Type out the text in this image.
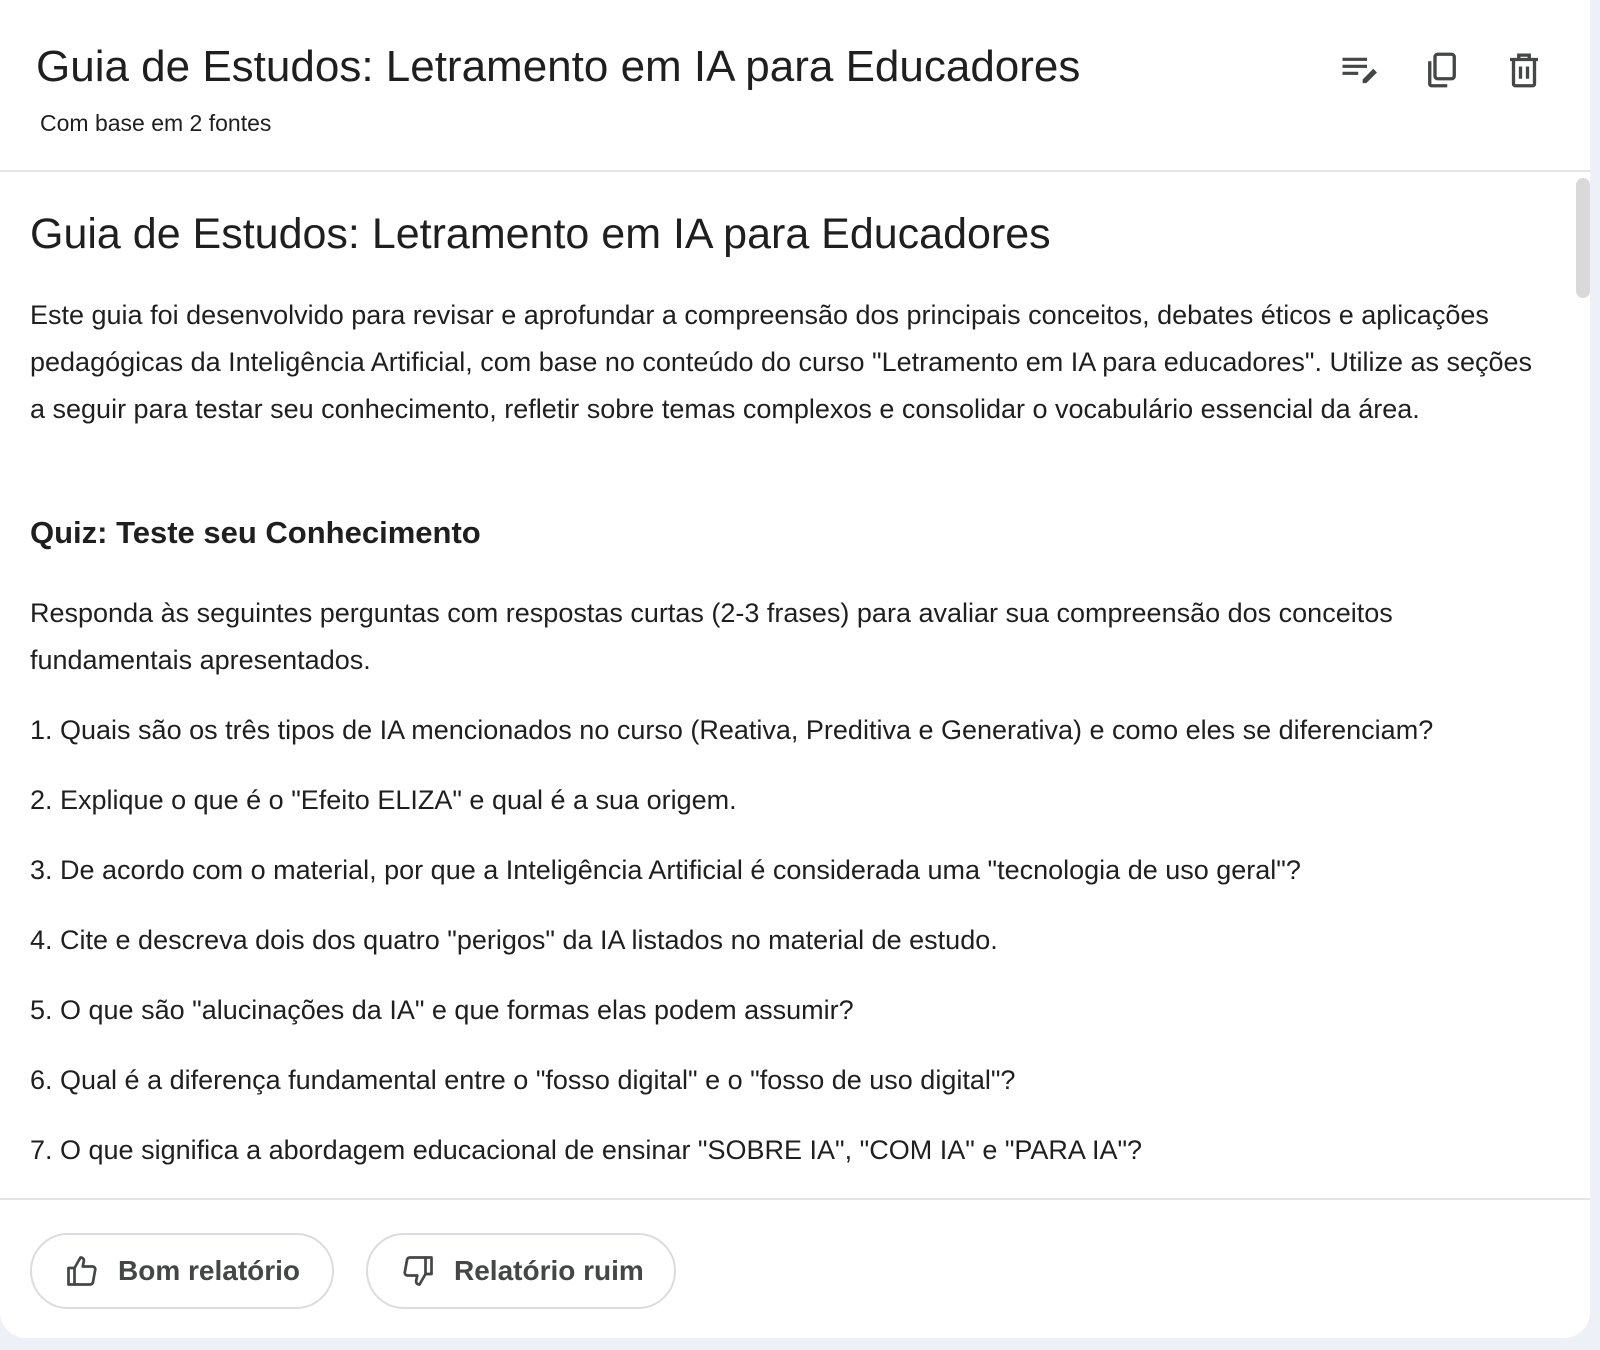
Guia de Estudos: Letramento em IA para Educadores
Com base em 2 fontes
Guia de Estudos: Letramento em IA para Educadores

Este guia foi desenvolvido para revisar e aprofundar a compreensão dos principais conceitos, debates éticos e aplicações pedagógicas da Inteligência Artificial, com base no conteúdo do curso "Letramento em IA para educadores". Utilize as seções a seguir para testar seu conhecimento, refletir sobre temas complexos e consolidar o vocabulário essencial da área.

Quiz: Teste seu Conhecimento

Responda às seguintes perguntas com respostas curtas (2-3 frases) para avaliar sua compreensão dos conceitos fundamentais apresentados.

1. Quais são os três tipos de IA mencionados no curso (Reativa, Preditiva e Generativa) e como eles se diferenciam?

2. Explique o que é o "Efeito ELIZA" e qual é a sua origem.

3. De acordo com o material, por que a Inteligência Artificial é considerada uma "tecnologia de uso geral"?

4. Cite e descreva dois dos quatro "perigos" da IA listados no material de estudo.

5. O que são "alucinações da IA" e que formas elas podem assumir?

6. Qual é a diferença fundamental entre o "fosso digital" e o "fosso de uso digital"?

7. O que significa a abordagem educacional de ensinar "SOBRE IA", "COM IA" e "PARA IA"?

Bom relatório	Relatório ruim
